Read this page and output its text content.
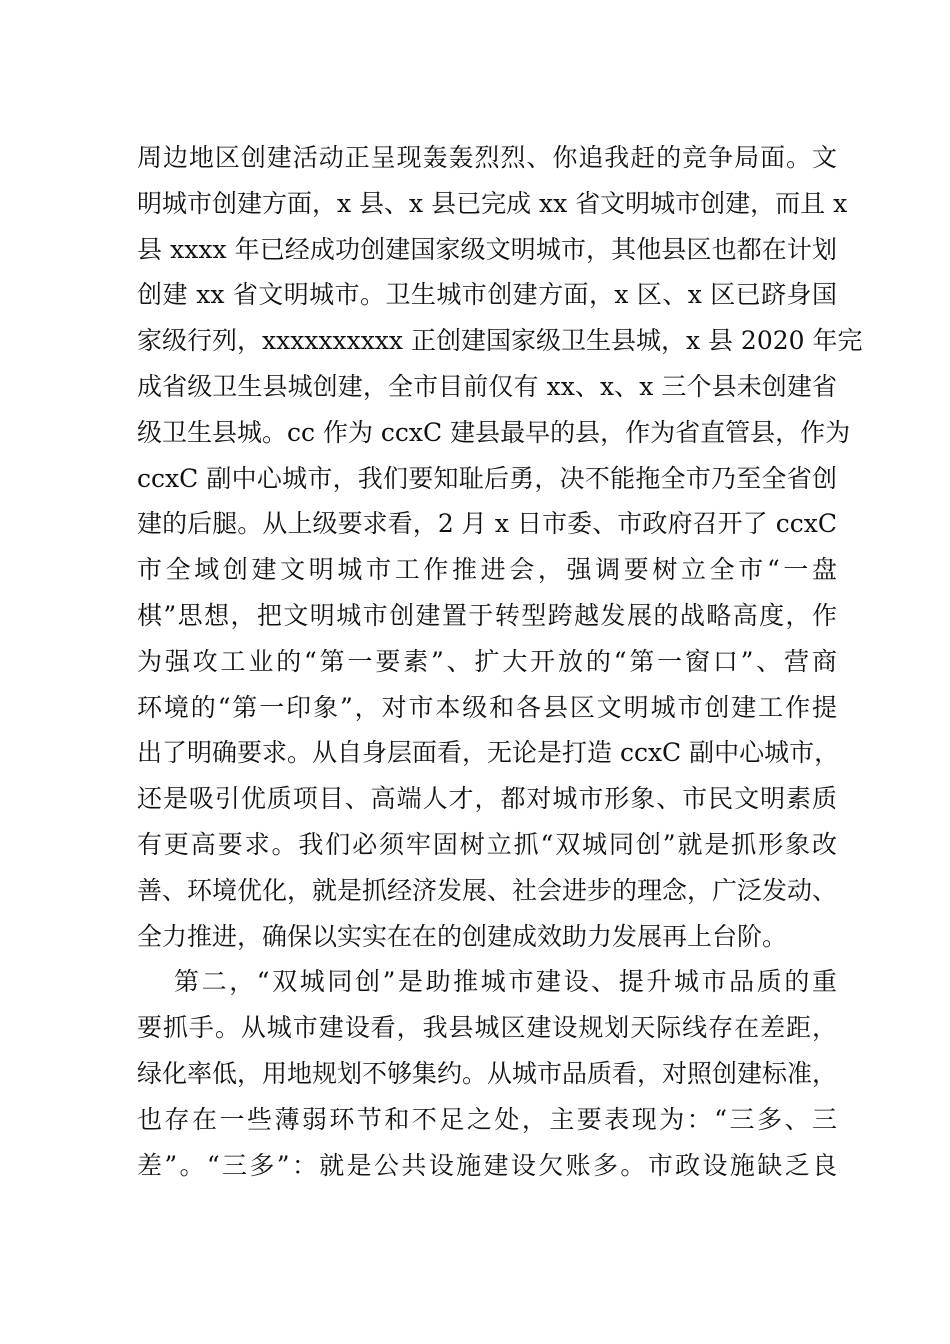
周边地区创建活动正呈现轰轰烈烈、你追我赶的竞争局面。文
明城市创建方面，x 县、x 县已完成 xx 省文明城市创建，而且 x
县 xxxx 年已经成功创建国家级文明城市，其他县区也都在计划
创建 xx 省文明城市。卫生城市创建方面，x 区、x 区已跻身国
家级行列，xxxxxxxxxx 正创建国家级卫生县城，x 县 2020 年完
成省级卫生县城创建，全市目前仅有 xx、x、x 三个县未创建省
级卫生县城。cc 作为 ccxC 建县最早的县，作为省直管县，作为
ccxC 副中心城市，我们要知耻后勇，决不能拖全市乃至全省创
建的后腿。从上级要求看，2 月 x 日市委、市政府召开了 ccxC
市全域创建文明城市工作推进会，强调要树立全市“一盘
棋”思想，把文明城市创建置于转型跨越发展的战略高度，作
为强攻工业的“第一要素”、扩大开放的“第一窗口”、营商
环境的“第一印象”，对市本级和各县区文明城市创建工作提
出了明确要求。从自身层面看，无论是打造 ccxC 副中心城市，
还是吸引优质项目、高端人才，都对城市形象、市民文明素质
有更高要求。我们必须牢固树立抓“双城同创”就是抓形象改
善、环境优化，就是抓经济发展、社会进步的理念，广泛发动、
全力推进，确保以实实在在的创建成效助力发展再上台阶。
第二，“双城同创”是助推城市建设、提升城市品质的重
要抓手。从城市建设看，我县城区建设规划天际线存在差距，
绿化率低，用地规划不够集约。从城市品质看，对照创建标准，
也存在一些薄弱环节和不足之处，主要表现为：“三多、三
差”。“三多”：就是公共设施建设欠账多。市政设施缺乏良
